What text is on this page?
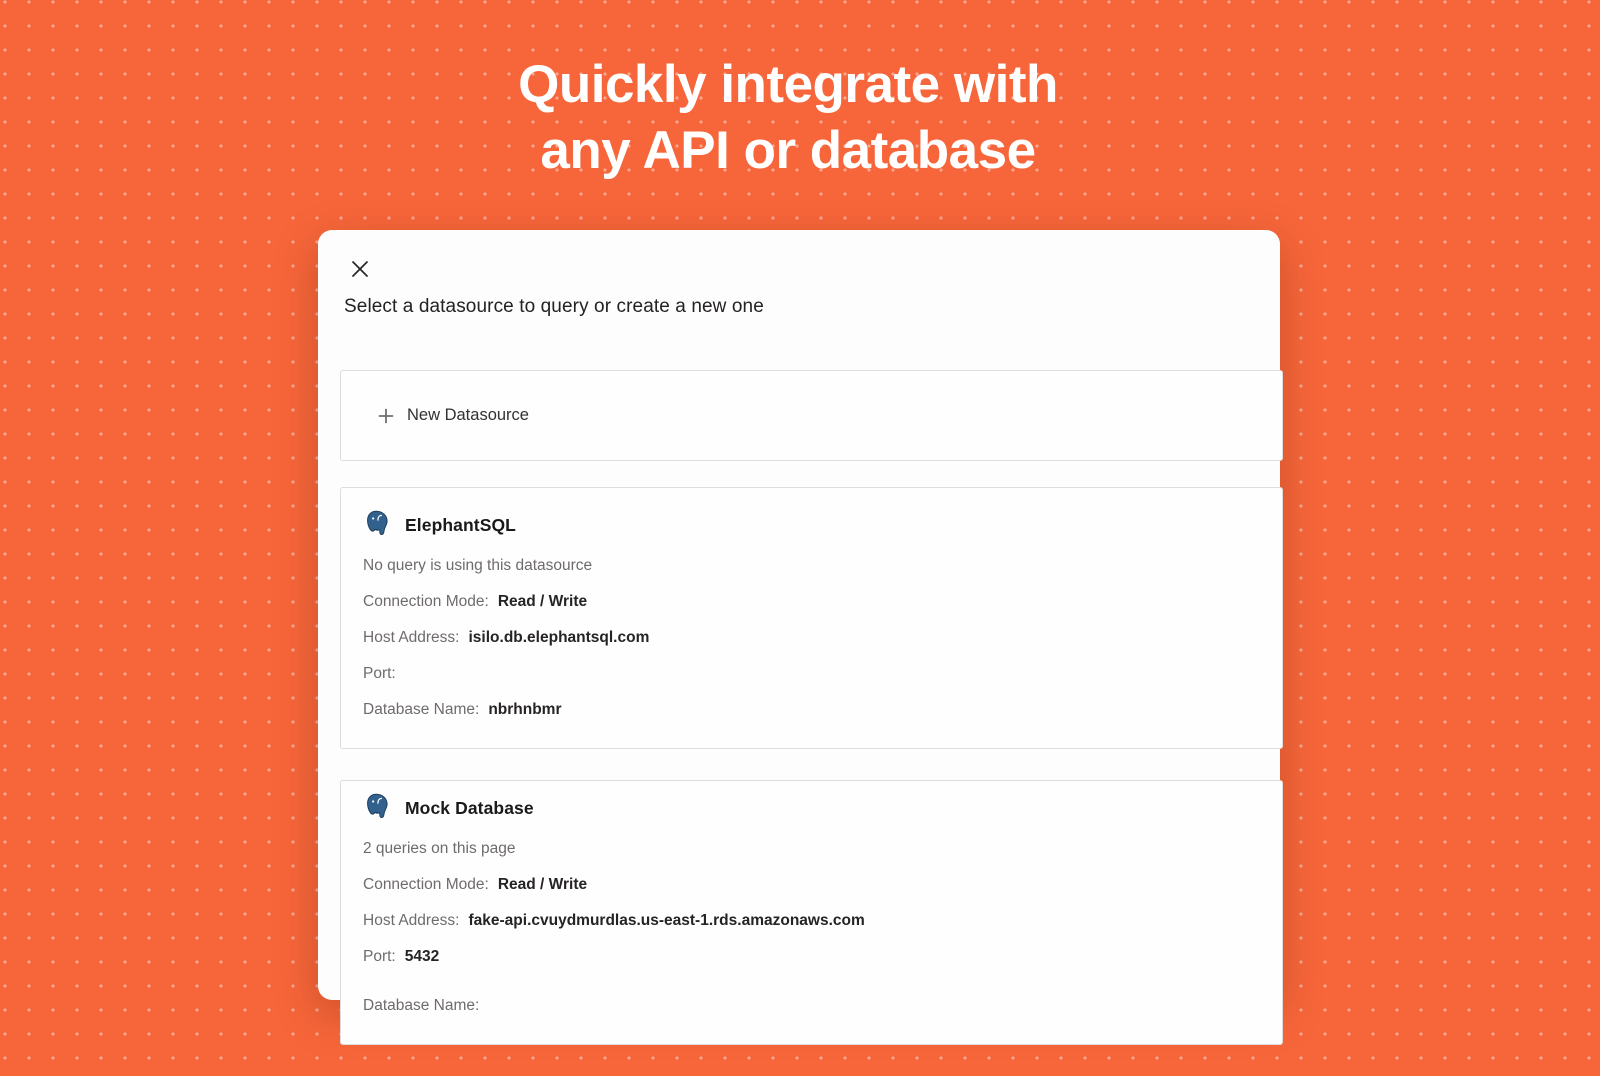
Quickly integrate with
any API or database
Select a datasource to query or create a new one
New Datasource
ElephantSQL
No query is using this datasource
Connection Mode: Read / Write
Host Address: isilo.db.elephantsql.com
Port:
Database Name: nbrhnbmr
Mock Database
2 queries on this page
Connection Mode: Read / Write
Host Address: fake-api.cvuydmurdlas.us-east-1.rds.amazonaws.com
Port: 5432
Database Name:
